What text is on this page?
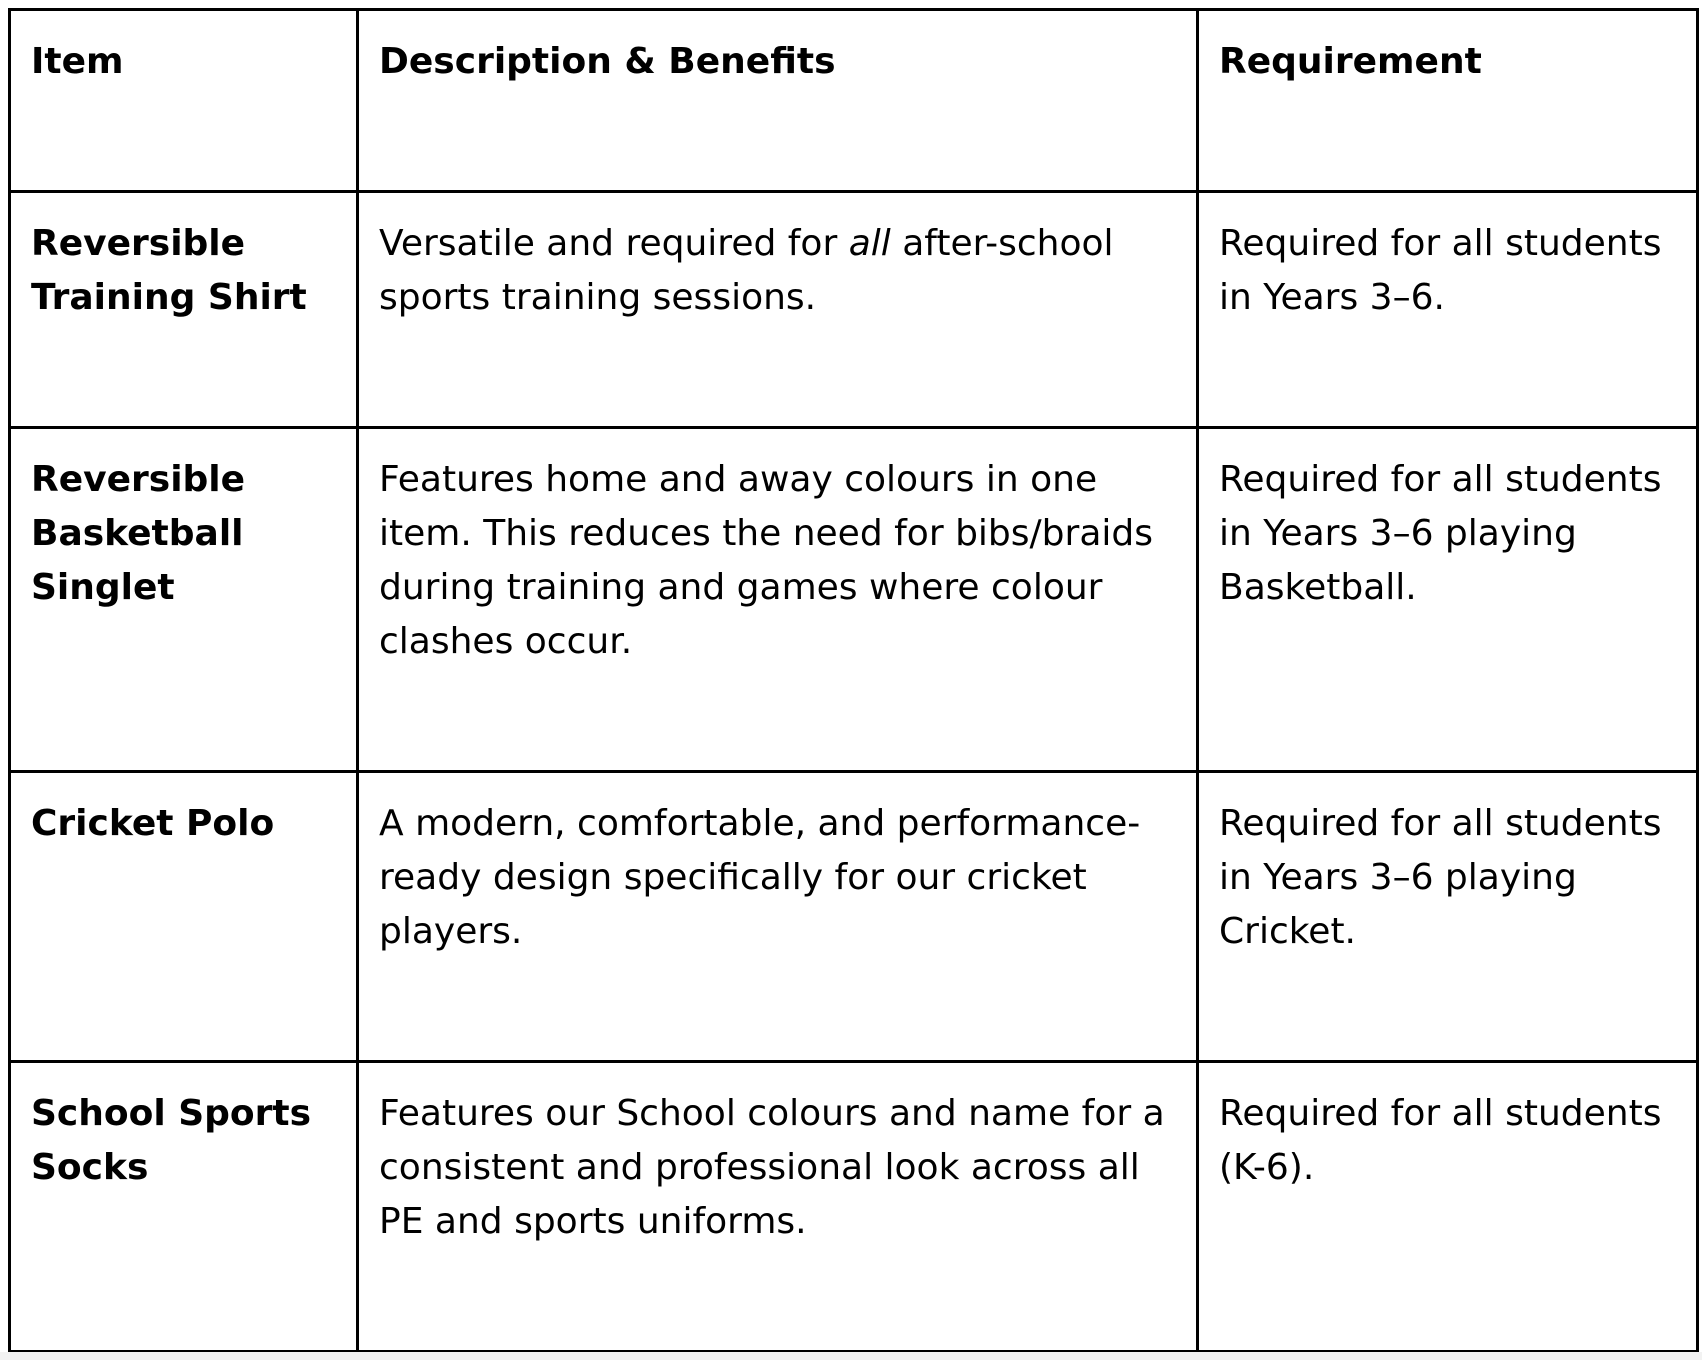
Item	Description & Benefits	Requirement

Reversible Training Shirt	Versatile and required for all after-school sports training sessions.	Required for all students in Years 3–6.

Reversible Basketball Singlet	Features home and away colours in one item. This reduces the need for bibs/braids during training and games where colour clashes occur.	Required for all students in Years 3–6 playing Basketball.

Cricket Polo	A modern, comfortable, and performance-ready design specifically for our cricket players.	Required for all students in Years 3–6 playing Cricket.

School Sports Socks	Features our School colours and name for a consistent and professional look across all PE and sports uniforms.	Required for all students (K-6).
